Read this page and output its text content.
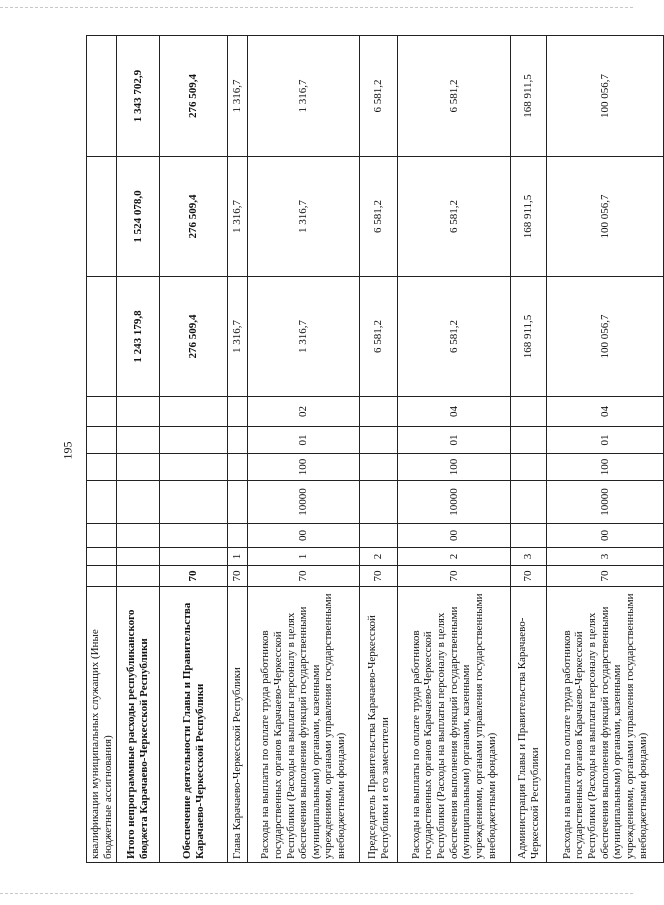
195
квалификации муниципальных служащих (Иные бюджетные ассигнования)										
Итого непрограммные расходы республиканского бюджета Карачаево-Черкесской Республики								1 243 179,8	1 524 078,0	1 343 702,9
Обеспечение деятельности Главы и Правительства Карачаево-Черкесской Республики	70							276 509,4	276 509,4	276 509,4
Глава Карачаево-Черкесской Республики	70	1						1 316,7	1 316,7	1 316,7
Расходы на выплаты по оплате труда работников государственных органов Карачаево-Черкесской Республики (Расходы на выплаты персоналу в целях обеспечения выполнения функций государственными (муниципальными) органами, казенными учреждениями, органами управления государственными внебюджетными фондами)	70	1	00	10000	100	01	02	1 316,7	1 316,7	1 316,7
Председатель Правительства Карачаево-Черкесской Республики и его заместители	70	2						6 581,2	6 581,2	6 581,2
Расходы на выплаты по оплате труда работников государственных органов Карачаево-Черкесской Республики (Расходы на выплаты персоналу в целях обеспечения выполнения функций государственными (муниципальными) органами, казенными учреждениями, органами управления государственными внебюджетными фондами)	70	2	00	10000	100	01	04	6 581,2	6 581,2	6 581,2
Администрация Главы и Правительства Карачаево-Черкесской Республики	70	3						168 911,5	168 911,5	168 911,5
Расходы на выплаты по оплате труда работников государственных органов Карачаево-Черкесской Республики (Расходы на выплаты персоналу в целях обеспечения выполнения функций государственными (муниципальными) органами, казенными учреждениями, органами управления государственными внебюджетными фондами)	70	3	00	10000	100	01	04	100 056,7	100 056,7	100 056,7
